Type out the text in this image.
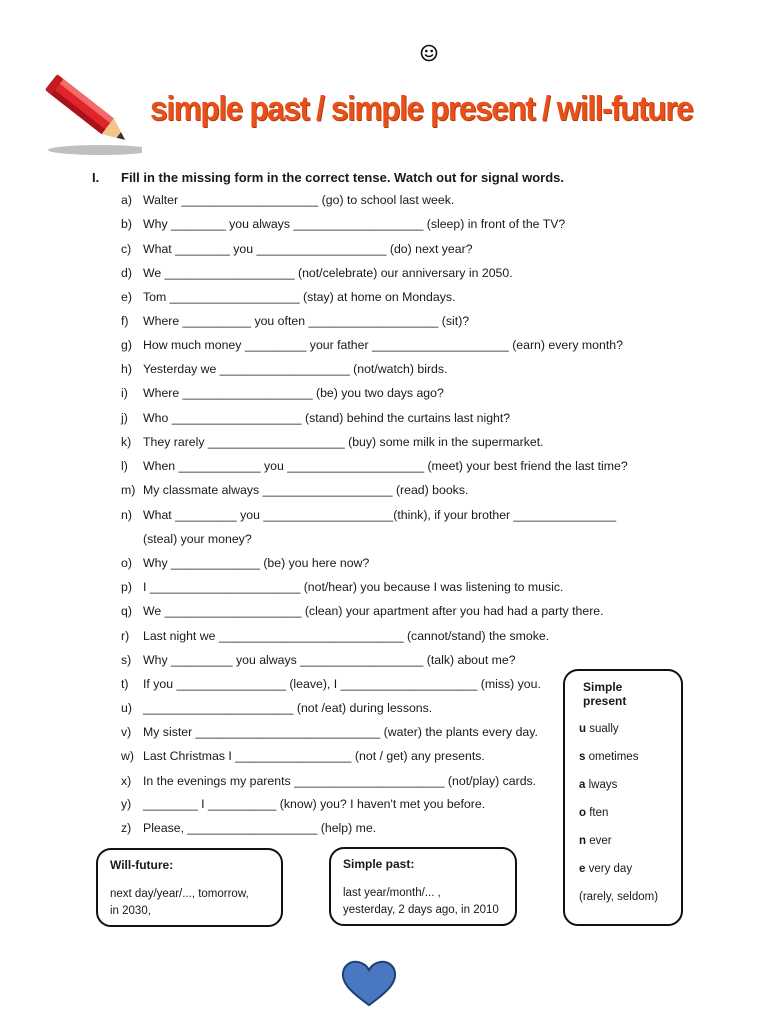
simple past / simple present / will-future
I. Fill in the missing form in the correct tense. Watch out for signal words.
a) Walter ____________________ (go) to school last week.
b) Why ________ you always ___________________ (sleep) in front of the TV?
c) What ________ you ___________________ (do) next year?
d) We ___________________ (not/celebrate) our anniversary in 2050.
e) Tom ___________________ (stay) at home on Mondays.
f) Where __________ you often ___________________ (sit)?
g) How much money _________ your father ____________________ (earn) every month?
h) Yesterday we ___________________ (not/watch) birds.
i) Where ___________________ (be) you two days ago?
j) Who ___________________ (stand) behind the curtains last night?
k) They rarely ____________________ (buy) some milk in the supermarket.
l) When ____________ you ____________________ (meet) your best friend the last time?
m) My classmate always ___________________ (read) books.
n) What _________ you ___________________(think), if your brother _______________
(steal) your money?
o) Why _____________ (be) you here now?
p) I ______________________ (not/hear) you because I was listening to music.
q) We ____________________ (clean) your apartment after you had had a party there.
r) Last night we ___________________________ (cannot/stand) the smoke.
s) Why _________ you always __________________ (talk) about me?
t) If you ________________ (leave), I ____________________ (miss) you.
u) ______________________ (not /eat) during lessons.
v) My sister ___________________________ (water) the plants every day.
w) Last Christmas I _________________ (not / get) any presents.
x) In the evenings my parents ______________________ (not/play) cards.
y) ________ I __________ (know) you? I haven't met you before.
z) Please, ___________________ (help) me.
Will-future:
next day/year/..., tomorrow,
in 2030,
Simple past:
last year/month/... ,
yesterday, 2 days ago, in 2010
Simple present
u sually
s ometimes
a lways
o ften
n ever
e very day
(rarely, seldom)
